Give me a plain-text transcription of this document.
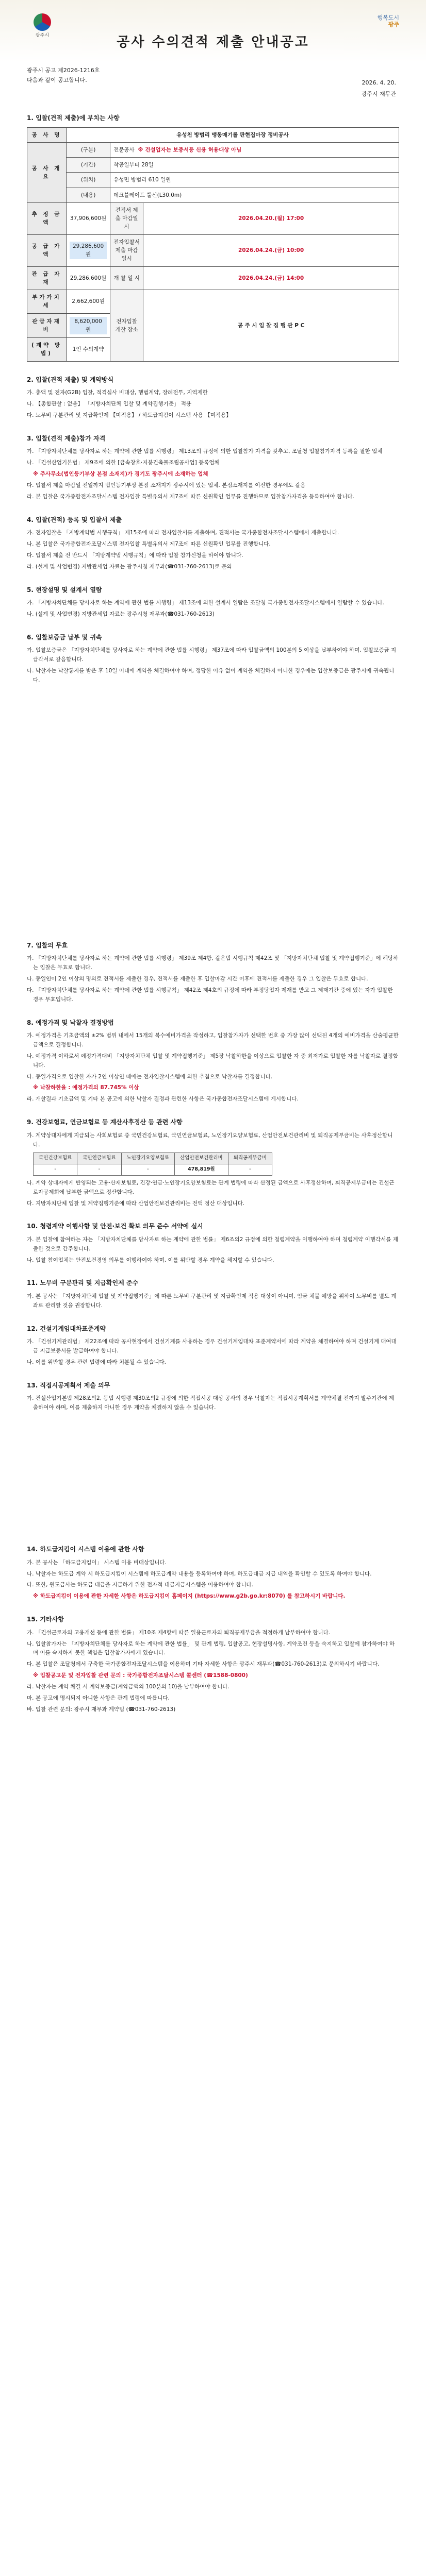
광주시
행복도시
광주
공사 수의견적 제출 안내공고
광주시 공고 제2026-1216호
다음과 같이 공고합니다.	2026. 4. 20.
광주시 재무관
1. 입찰(견적 제출)에 부치는 사항
공 사 명	유성천 방범리 맹동매기롤 판현집마장 정비공사		
공 사 개 요	(구분)	전문공사 ※ 건설업자는 보증서등 신용 허용대상 아님	
	(기간)	착공일부터 28일	
	(위치)	유성면 방범리 610 일원	
	(내용)	데크블레이드 뿔신(L30.0m)	
추 정 금 액	37,906,600원	견적서 제출 마감일시	2026.04.20.(월) 17:00
공 급 가 액	29,286,600원	전자입찰서 제출 마감일시	2026.04.24.(금) 10:00
관 급 자 재	29,286,600원	개 찰 일 시	2026.04.24.(금) 14:00
부가가치세	2,662,600원	전자입찰 개찰 장소	공 주 시 입 찰 집 행 관 P C
관급자재비	8,620,000원		
(계약 방법)	1인 수의계약		
2. 입찰(견적 제출) 및 계약방식
가. 총액 및 전자(G2B) 입찰, 적격심사 비대상, 행범계약, 장례전투, 지역제한
나. 【총합관찰 : 없음】 「지방자치단체 입찰 및 계약집행기준」 적용
다. 노무비 구분관리 및 지급확인제 【미적용】 / 하도급지킴이 시스템 사용 【미적용】
3. 입찰(견적 제출)참가 자격
가. 「지방자치단체를 당사자로 하는 계약에 관한 법률 시행령」 제13조의 규정에 의한 입찰참가 자격을 갖추고, 조달청 입찰참가자격 등록을 필한 업체
나. 「건설산업기본법」 제9조에 의한 [금속창호·지붕건축물조립공사업] 등록업체
※ 주사무소(법인등기부상 본점 소재지)가 경기도 광주시에 소재하는 업체
다. 입찰서 제출 마감일 전일까지 법인등기부상 본점 소재지가 광주시에 있는 업체. 본점소재지를 이전한 경우에도 같음
라. 본 입찰은 국가종합전자조달시스템 전자입찰 특별유의서 제7조에 따른 신원확인 업무를 진행하므로 입찰참가자격을 등록하여야 합니다.
4. 입찰(견적) 등록 및 입찰서 제출
가. 전자입찰은 「지방계약법 시행규칙」 제15조에 따라 전자입찰서를 제출하며, 견적서는 국가종합전자조달시스템에서 제출합니다.
나. 본 입찰은 국가종합전자조달시스템 전자입찰 특별유의서 제7조에 따른 신원확인 업무를 진행합니다.
다. 입찰서 제출 전 반드시 「지방계약법 시행규칙」에 따라 입찰 참가신청을 하여야 합니다.
라. (설계 및 사업변경) 지방관세업 자료는 광주시청 재무과(☎031-760-2613)로 문의
5. 현장설명 및 설계서 열람
가. 「지방자치단체를 당사자로 하는 계약에 관한 법률 시행령」 제13조에 의한 설계서 열람은 조달청 국가종합전자조달시스템에서 열람할 수 있습니다.
나. (설계 및 사업변경) 지방관세업 자료는 광주시청 재무과(☎031-760-2613)
6. 입찰보증금 납부 및 귀속
가. 입찰보증금은 「지방자치단체를 당사자로 하는 계약에 관한 법률 시행령」 제37조에 따라 입찰금액의 100분의 5 이상을 납부하여야 하며, 입찰보증금 지급각서로 갈음합니다.
나. 낙찰자는 낙찰통지를 받은 후 10일 이내에 계약을 체결하여야 하며, 정당한 이유 없이 계약을 체결하지 아니한 경우에는 입찰보증금은 광주시에 귀속됩니다.
7. 입찰의 무효
가. 「지방자치단체를 당사자로 하는 계약에 관한 법률 시행령」 제39조 제4항, 같은법 시행규칙 제42조 및 「지방자치단체 입찰 및 계약집행기준」에 해당하는 입찰은 무효로 합니다.
나. 동일인이 2인 이상의 명의로 견적서를 제출한 경우, 견적서를 제출한 후 입찰마감 시간 이후에 견적서를 제출한 경우 그 입찰은 무효로 합니다.
다. 「지방자치단체를 당사자로 하는 계약에 관한 법률 시행규칙」 제42조 제4호의 규정에 따라 부정당업자 제재를 받고 그 제재기간 중에 있는 자가 입찰한 경우 무효입니다.
8. 예정가격 및 낙찰자 결정방법
가. 예정가격은 기초금액의 ±2% 범위 내에서 15개의 복수예비가격을 작성하고, 입찰참가자가 선택한 번호 중 가장 많이 선택된 4개의 예비가격을 산술평균한 금액으로 결정합니다.
나. 예정가격 이하로서 예정가격대비 「지방자치단체 입찰 및 계약집행기준」 제5장 낙찰하한율 이상으로 입찰한 자 중 최저가로 입찰한 자를 낙찰자로 결정합니다.
다. 동일가격으로 입찰한 자가 2인 이상인 때에는 전자입찰시스템에 의한 추첨으로 낙찰자를 결정합니다.
※ 낙찰하한율 : 예정가격의 87.745% 이상
라. 개찰결과 기초금액 및 기타 본 공고에 의한 낙찰자 결정과 관련한 사항은 국가종합전자조달시스템에 게시합니다.
9. 건강보험료, 연금보험료 등 계산사후정산 등 관련 사항
가. 계약상대자에게 지급되는 사회보험료 중 국민건강보험료, 국민연금보험료, 노인장기요양보험료, 산업안전보건관리비 및 퇴직공제부금비는 사후정산합니다.
국민건강보험료	국민연금보험료	노인장기요양보험료	산업안전보건관리비	퇴직공제부금비
-	-	-	478,819원	-
나. 계약 상대자에게 반영되는 고용·산재보험료, 건강·연금·노인장기요양보험료는 관계 법령에 따라 산정된 금액으로 사후정산하며, 퇴직공제부금비는 건설근로자공제회에 납부한 금액으로 정산합니다.
다. 지방자치단체 입찰 및 계약집행기준에 따라 산업안전보건관리비는 전액 정산 대상입니다.
10. 청렴계약 이행사항 및 안전·보건 확보 의무 준수 서약에 실시
가. 본 입찰에 참여하는 자는 「지방자치단체를 당사자로 하는 계약에 관한 법률」 제6조의2 규정에 의한 청렴계약을 이행하여야 하며 청렴계약 이행각서를 제출한 것으로 간주합니다.
나. 입찰 참여업체는 안전보건경영 의무를 이행하여야 하며, 이를 위반할 경우 계약을 해지할 수 있습니다.
11. 노무비 구분관리 및 지급확인제 준수
가. 본 공사는 「지방자치단체 입찰 및 계약집행기준」에 따른 노무비 구분관리 및 지급확인제 적용 대상이 아니며, 임금 체불 예방을 위하여 노무비를 별도 계좌로 관리할 것을 권장합니다.
12. 건설기계임대차표준계약
가. 「건설기계관리법」 제22조에 따라 공사현장에서 건설기계를 사용하는 경우 건설기계임대차 표준계약서에 따라 계약을 체결하여야 하며 건설기계 대여대금 지급보증서를 발급하여야 합니다.
나. 이를 위반할 경우 관련 법령에 따라 처분될 수 있습니다.
13. 직접시공계획서 제출 의무
가. 건설산업기본법 제28조의2, 동법 시행령 제30조의2 규정에 의한 직접시공 대상 공사의 경우 낙찰자는 직접시공계획서를 계약체결 전까지 발주기관에 제출하여야 하며, 이를 제출하지 아니한 경우 계약을 체결하지 않을 수 있습니다.
14. 하도급지킴이 시스템 이용에 관한 사항
가. 본 공사는 「하도급지킴이」 시스템 이용 비대상입니다.
나. 낙찰자는 하도급 계약 시 하도급지킴이 시스템에 하도급계약 내용을 등록하여야 하며, 하도급대금 지급 내역을 확인할 수 있도록 하여야 합니다.
다. 또한, 원도급사는 하도급 대금을 지급하기 위한 전자적 대금지급시스템을 이용하여야 합니다.
※ 하도급지킴이 이용에 관한 자세한 사항은 하도급지킴이 홈페이지 (https://www.g2b.go.kr:8070) 를 참고하시기 바랍니다.
15. 기타사항
가. 「건설근로자의 고용개선 등에 관한 법률」 제10조 제4항에 따른 일용근로자의 퇴직공제부금을 적정하게 납부하여야 합니다.
나. 입찰참가자는 「지방자치단체를 당사자로 하는 계약에 관한 법률」 및 관계 법령, 입찰공고, 현장설명사항, 계약조건 등을 숙지하고 입찰에 참가하여야 하며 이를 숙지하지 못한 책임은 입찰참가자에게 있습니다.
다. 본 입찰은 조달청에서 구축한 국가종합전자조달시스템을 이용하며 기타 자세한 사항은 광주시 재무과(☎031-760-2613)로 문의하시기 바랍니다.
※ 입찰공고문 및 전자입찰 관련 문의 : 국가종합전자조달시스템 콜센터 (☎1588-0800)
라. 낙찰자는 계약 체결 시 계약보증금(계약금액의 100분의 10)을 납부하여야 합니다.
마. 본 공고에 명시되지 아니한 사항은 관계 법령에 따릅니다.
바. 입찰 관련 문의: 광주시 재무과 계약팀 (☎031-760-2613)
